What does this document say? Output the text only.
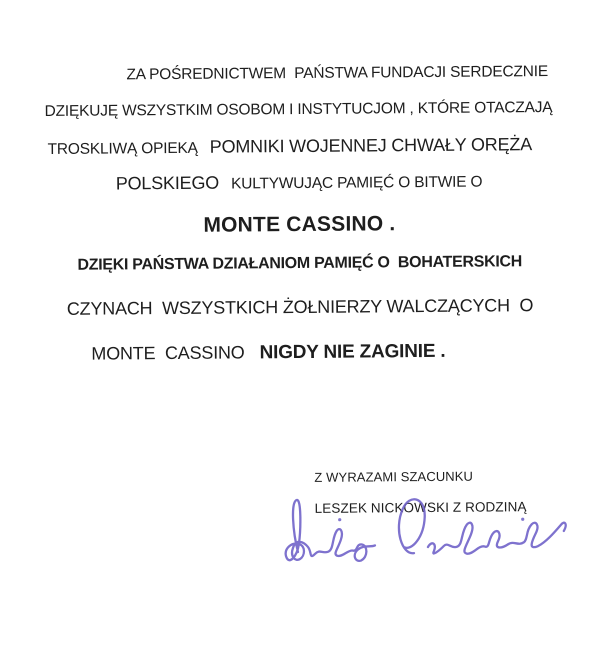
ZA POŚREDNICTWEM  PAŃSTWA FUNDACJI SERDECZNIE
DZIĘKUJĘ WSZYSTKIM OSOBOM I INSTYTUCJOM , KTÓRE OTACZAJĄ
TROSKLIWĄ OPIEKĄ POMNIKI WOJENNEJ CHWAŁY ORĘŻA
POLSKIEGO KULTYWUJĄC PAMIĘĆ O BITWIE O
MONTE CASSINO .
DZIĘKI PAŃSTWA DZIAŁANIOM PAMIĘĆ O  BOHATERSKICH
CZYNACH  WSZYSTKICH ŻOŁNIERZY WALCZĄCYCH  O
MONTE  CASSINO NIGDY NIE ZAGINIE .
Z WYRAZAMI SZACUNKU
LESZEK NICKOWSKI Z RODZINĄ
